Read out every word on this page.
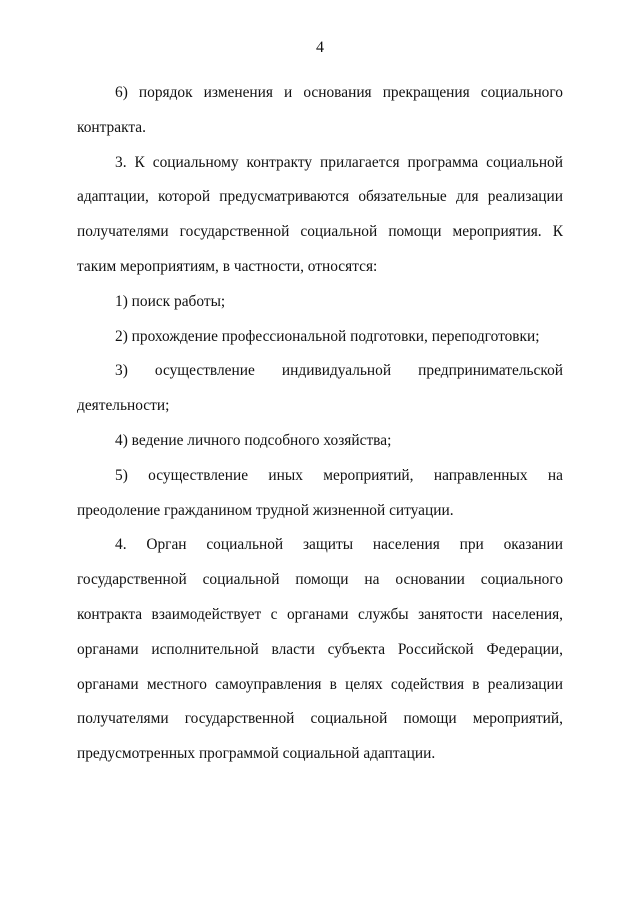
4

6) порядок изменения и основания прекращения социального контракта.

3. К социальному контракту прилагается программа социальной адаптации, которой предусматриваются обязательные для реализации получателями государственной социальной помощи мероприятия. К таким мероприятиям, в частности, относятся:

1) поиск работы;

2) прохождение профессиональной подготовки, переподготовки;

3) осуществление индивидуальной предпринимательской деятельности;

4) ведение личного подсобного хозяйства;

5) осуществление иных мероприятий, направленных на преодоление гражданином трудной жизненной ситуации.

4. Орган социальной защиты населения при оказании государственной социальной помощи на основании социального контракта взаимодействует с органами службы занятости населения, органами исполнительной власти субъекта Российской Федерации, органами местного самоуправления в целях содействия в реализации получателями государственной социальной помощи мероприятий, предусмотренных программой социальной адаптации.
